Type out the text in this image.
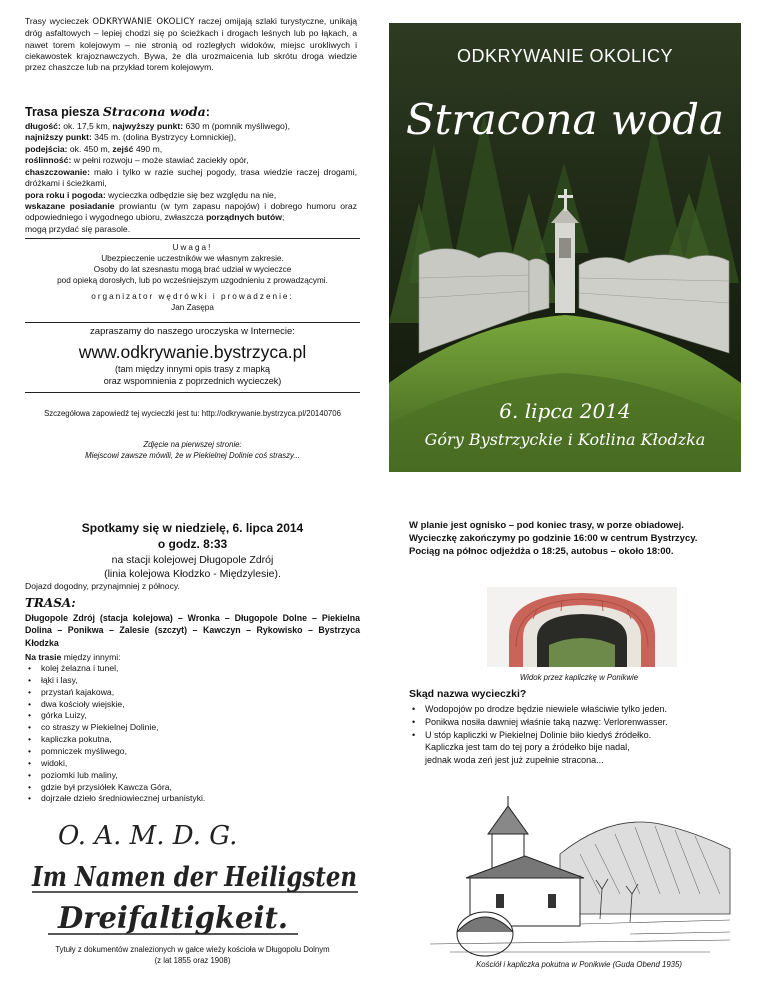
Trasy wycieczek ODKRYWANIE OKOLICY raczej omijają szlaki turystyczne, unikają dróg asfaltowych – lepiej chodzi się po ścieżkach i drogach leśnych lub po łąkach, a nawet torem kolejowym – nie stronią od rozległych widoków, miejsc urokliwych i ciekawostek krajoznawczych. Bywa, że dla urozmaicenia lub skrótu droga wiedzie przez chaszcze lub na przykład torem kolejowym.
Trasa piesza Stracona woda:
długość: ok. 17,5 km, najwyższy punkt: 630 m (pomnik myśliwego),
najniższy punkt: 345 m. (dolina Bystrzycy Łomnickiej),
podejścia: ok. 450 m, zejść 490 m,
roślinność: w pełni rozwoju – może stawiać zaciekły opór,
chaszczowanie: mało i tylko w razie suchej pogody, trasa wiedzie raczej drogami, dróżkami i ścieżkami,
pora roku i pogoda: wycieczka odbędzie się bez względu na nie,
wskazane posiadanie prowiantu (w tym zapasu napojów) i dobrego humoru oraz odpowiedniego i wygodnego ubioru, zwłaszcza porządnych butów;
mogą przydać się parasole.
Uwaga!
Ubezpieczenie uczestników we własnym zakresie.
Osoby do lat szesnastu mogą brać udział w wycieczce
pod opieką dorosłych, lub po wcześniejszym uzgodnieniu z prowadzącymi.
organizator wędrówki i prowadzenie:
Jan Zasępa
zapraszamy do naszego uroczyska w Internecie:
www.odkrywanie.bystrzyca.pl
(tam między innymi opis trasy z mapką
oraz wspomnienia z poprzednich wycieczek)
Szczegółowa zapowiedź tej wycieczki jest tu: http://odkrywanie.bystrzyca.pl/20140706
Zdjęcie na pierwszej stronie:
Miejscowi zawsze mówili, że w Piekielnej Dolinie coś straszy...
ODKRYWANIE OKOLICY
Stracona woda
6. lipca 2014
Góry Bystrzyckie i Kotlina Kłodzka
Spotkamy się w niedzielę, 6. lipca 2014
o godz. 8:33
na stacji kolejowej Długopole Zdrój
(linia kolejowa Kłodzko - Międzylesie).
Dojazd dogodny, przynajmniej z północy.
TRASA:
Długopole Zdrój (stacja kolejowa) – Wronka – Długopole Dolne – Piekielna Dolina – Ponikwa – Zalesie (szczyt) – Kawczyn – Rykowisko – Bystrzyca Kłodzka
Na trasie między innymi:
• kolej żelazna i tunel,
• łąki i lasy,
• przystań kajakowa,
• dwa kościoły wiejskie,
• górka Luizy,
• co straszy w Piekielnej Dolinie,
• kapliczka pokutna,
• pomniczek myśliwego,
• widoki,
• poziomki lub maliny,
• gdzie był przysiółek Kawcza Góra,
• dojrzałe dzieło średniowiecznej urbanistyki.
O. A. M. D. G.
Im Namen der Heiligsten
Dreifaltigkeit.
Tytuły z dokumentów znalezionych w gałce wieży kościoła w Długopolu Dolnym
(z lat 1855 oraz 1908)
W planie jest ognisko – pod koniec trasy, w porze obiadowej.
Wycieczkę zakończymy po godzinie 16:00 w centrum Bystrzycy.
Pociąg na północ odjeżdża o 18:25, autobus – około 18:00.
Widok przez kapliczkę w Ponikwie
Skąd nazwa wycieczki?
• Wodopojów po drodze będzie niewiele właściwie tylko jeden.
• Ponikwa nosiła dawniej właśnie taką nazwę: Verlorenwasser.
• U stóp kapliczki w Piekielnej Dolinie biło kiedyś źródełko.
Kapliczka jest tam do tej pory a źródełko bije nadal,
jednak woda zeń jest już zupełnie stracona...
Kościół i kapliczka pokutna w Ponikwie (Guda Obend 1935)
